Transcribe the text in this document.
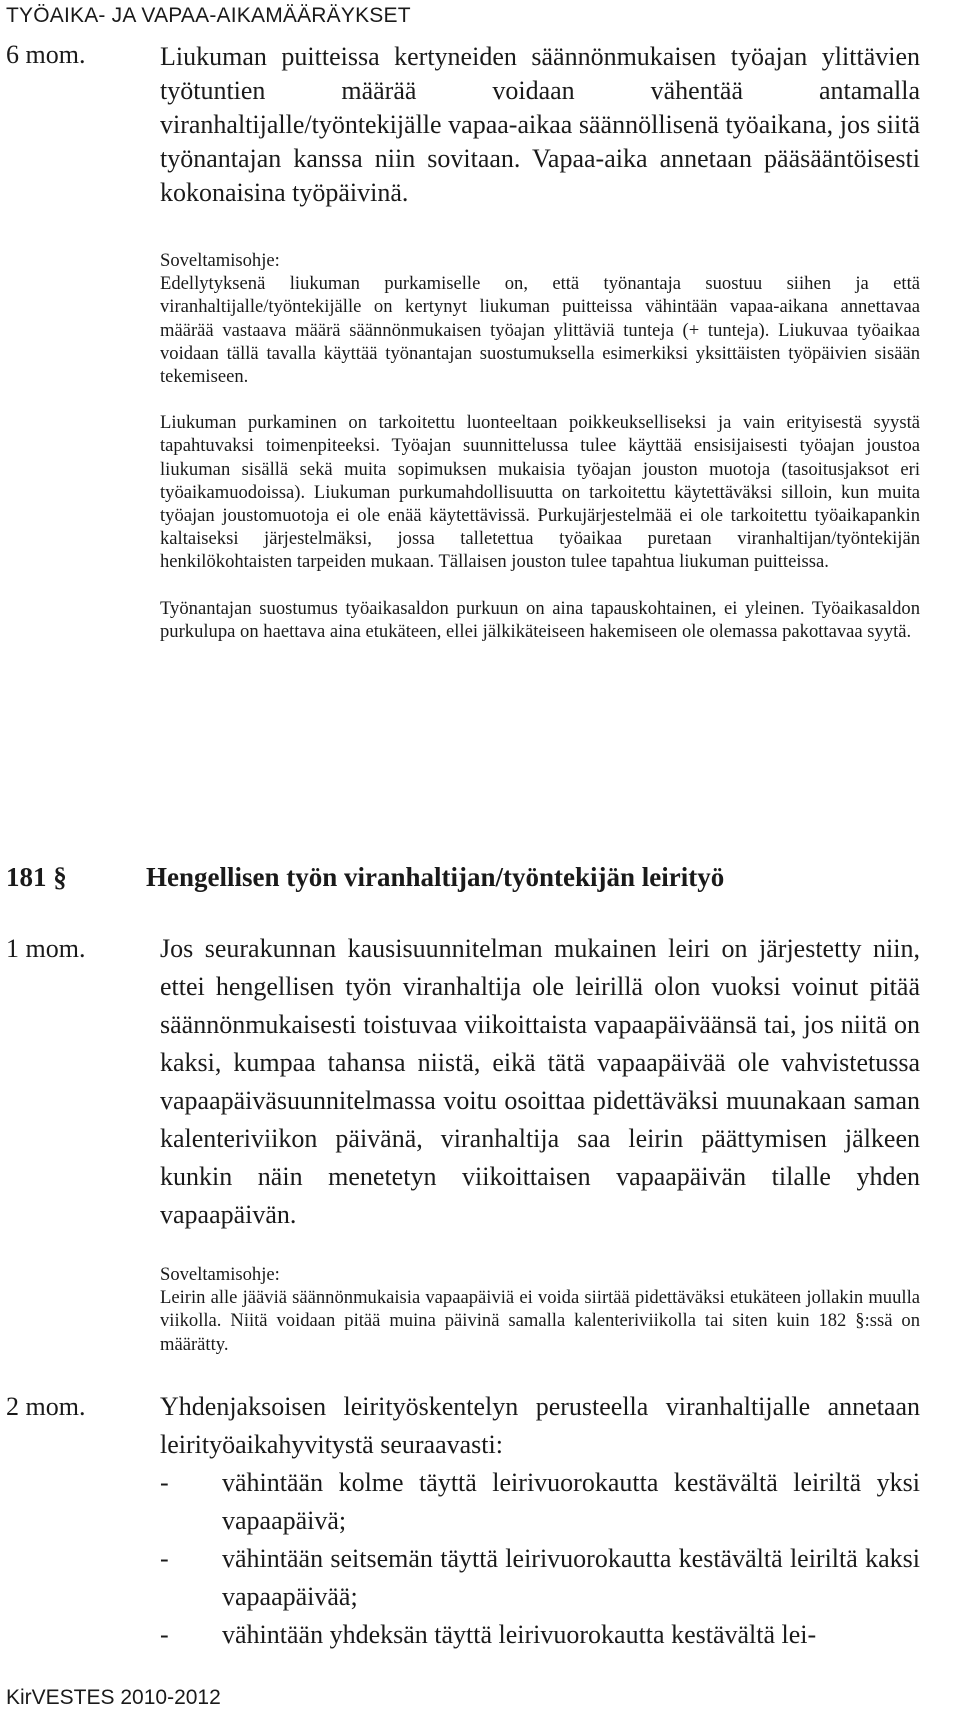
TYÖAIKA- JA VAPAA-AIKAMÄÄRÄYKSET
6 mom.	Liukuman puitteissa kertyneiden säännönmukaisen työajan ylittävien työtuntien määrää voidaan vähentää antamalla viranhaltijalle/työntekijälle vapaa-aikaa säännöllisenä työaikana, jos siitä työnantajan kanssa niin sovitaan. Vapaa-aika annetaan pääsääntöisesti kokonaisina työpäivinä.

Soveltamisohje:

Edellytyksenä liukuman purkamiselle on, että työnantaja suostuu siihen ja että viranhaltijalle/työntekijälle on kertynyt liukuman puitteissa vähintään vapaa-aikana annettavaa määrää vastaava määrä säännönmukaisen työajan ylittäviä tunteja (+ tunteja). Liukuvaa työaikaa voidaan tällä tavalla käyttää työnantajan suostumuksella esimerkiksi yksittäisten työpäivien sisään tekemiseen.

Liukuman purkaminen on tarkoitettu luonteeltaan poikkeukselliseksi ja vain erityisestä syystä tapahtuvaksi toimenpiteeksi. Työajan suunnittelussa tulee käyttää ensisijaisesti työajan joustoa liukuman sisällä sekä muita sopimuksen mukaisia työajan jouston muotoja (tasoitusjaksot eri työaikamuodoissa). Liukuman purkumahdollisuutta on tarkoitettu käytettäväksi silloin, kun muita työajan joustomuotoja ei ole enää käytettävissä. Purkujärjestelmää ei ole tarkoitettu työaikapankin kaltaiseksi järjestelmäksi, jossa talletettua työaikaa puretaan viranhaltijan/työntekijän henkilökohtaisten tarpeiden mukaan. Tällaisen jouston tulee tapahtua liukuman puitteissa.

Työnantajan suostumus työaikasaldon purkuun on aina tapauskohtainen, ei yleinen. Työaikasaldon purkulupa on haettava aina etukäteen, ellei jälkikäteiseen hakemiseen ole olemassa pakottavaa syytä.

181 §	Hengellisen työn viranhaltijan/työntekijän leirityö
1 mom.	Jos seurakunnan kausisuunnitelman mukainen leiri on järjestetty niin, ettei hengellisen työn viranhaltija ole leirillä olon vuoksi voinut pitää säännönmukaisesti toistuvaa viikoittaista vapaapäiväänsä tai, jos niitä on kaksi, kumpaa tahansa niistä, eikä tätä vapaapäivää ole vahvistetussa vapaapäiväsuunnitelmassa voitu osoittaa pidettäväksi muunakaan saman kalenteriviikon päivänä, viranhaltija saa leirin päättymisen jälkeen kunkin näin menetetyn viikoittaisen vapaapäivän tilalle yhden vapaapäivän.

Soveltamisohje:

Leirin alle jääviä säännönmukaisia vapaapäiviä ei voida siirtää pidettäväksi etukäteen jollakin muulla viikolla. Niitä voidaan pitää muina päivinä samalla kalenteriviikolla tai siten kuin 182 §:ssä on määrätty.

2 mom.	Yhdenjaksoisen leirityöskentelyn perusteella viranhaltijalle annetaan leirityöaikahyvitystä seuraavasti:
- vähintään kolme täyttä leirivuorokautta kestävältä leiriltä yksi vapaapäivä;
- vähintään seitsemän täyttä leirivuorokautta kestävältä leiriltä kaksi vapaapäivää;
- vähintään yhdeksän täyttä leirivuorokautta kestävältä lei-
KirVESTES 2010-2012
